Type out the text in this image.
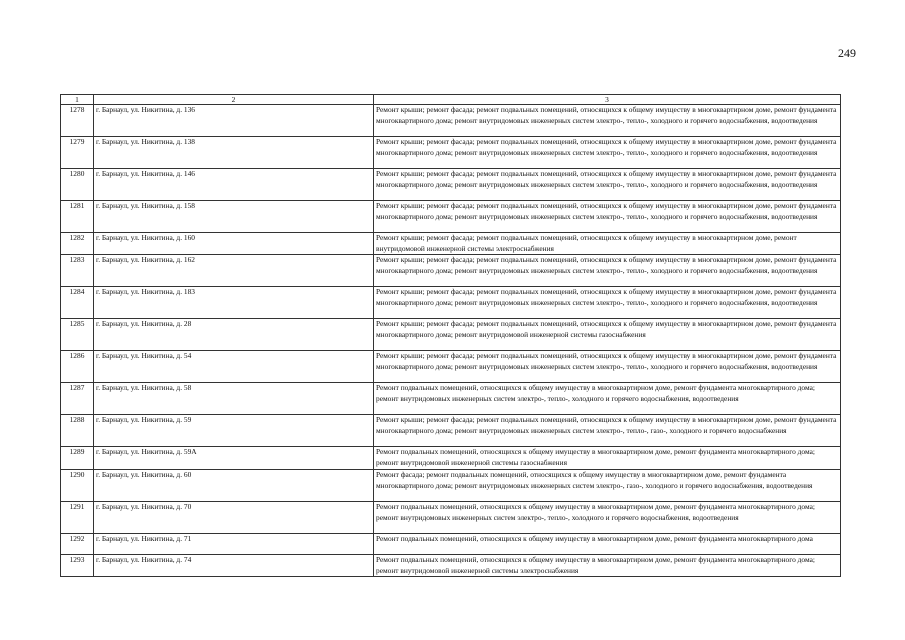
249
1	2	3
1278	г. Барнаул, ул. Никитина, д. 136	Ремонт крыши; ремонт фасада; ремонт подвальных помещений, относящихся к общему имуществу в многоквартирном доме, ремонт фундамента многоквартирного дома; ремонт внутридомовых инженерных систем электро-, тепло-, холодного и горячего водоснабжения, водоотведения
1279	г. Барнаул, ул. Никитина, д. 138	Ремонт крыши; ремонт фасада; ремонт подвальных помещений, относящихся к общему имуществу в многоквартирном доме, ремонт фундамента многоквартирного дома; ремонт внутридомовых инженерных систем электро-, тепло-, холодного и горячего водоснабжения, водоотведения
1280	г. Барнаул, ул. Никитина, д. 146	Ремонт крыши; ремонт фасада; ремонт подвальных помещений, относящихся к общему имуществу в многоквартирном доме, ремонт фундамента многоквартирного дома; ремонт внутридомовых инженерных систем электро-, тепло-, холодного и горячего водоснабжения, водоотведения
1281	г. Барнаул, ул. Никитина, д. 158	Ремонт крыши; ремонт фасада; ремонт подвальных помещений, относящихся к общему имуществу в многоквартирном доме, ремонт фундамента многоквартирного дома; ремонт внутридомовых инженерных систем электро-, тепло-, холодного и горячего водоснабжения, водоотведения
1282	г. Барнаул, ул. Никитина, д. 160	Ремонт крыши; ремонт фасада; ремонт подвальных помещений, относящихся к общему имуществу в многоквартирном доме, ремонт внутридомовой инженерной системы электроснабжения
1283	г. Барнаул, ул. Никитина, д. 162	Ремонт крыши; ремонт фасада; ремонт подвальных помещений, относящихся к общему имуществу в многоквартирном доме, ремонт фундамента многоквартирного дома; ремонт внутридомовых инженерных систем электро-, тепло-, холодного и горячего водоснабжения, водоотведения
1284	г. Барнаул, ул. Никитина, д. 183	Ремонт крыши; ремонт фасада; ремонт подвальных помещений, относящихся к общему имуществу в многоквартирном доме, ремонт фундамента многоквартирного дома; ремонт внутридомовых инженерных систем электро-, тепло-, холодного и горячего водоснабжения, водоотведения
1285	г. Барнаул, ул. Никитина, д. 28	Ремонт крыши; ремонт фасада; ремонт подвальных помещений, относящихся к общему имуществу в многоквартирном доме, ремонт фундамента многоквартирного дома; ремонт внутридомовой инженерной системы газоснабжения
1286	г. Барнаул, ул. Никитина, д. 54	Ремонт крыши; ремонт фасада; ремонт подвальных помещений, относящихся к общему имуществу в многоквартирном доме, ремонт фундамента многоквартирного дома; ремонт внутридомовых инженерных систем электро-, тепло-, холодного и горячего водоснабжения, водоотведения
1287	г. Барнаул, ул. Никитина, д. 58	Ремонт подвальных помещений, относящихся к общему имуществу в многоквартирном доме, ремонт фундамента многоквартирного дома; ремонт внутридомовых инженерных систем электро-, тепло-, холодного и горячего водоснабжения, водоотведения
1288	г. Барнаул, ул. Никитина, д. 59	Ремонт крыши; ремонт фасада; ремонт подвальных помещений, относящихся к общему имуществу в многоквартирном доме, ремонт фундамента многоквартирного дома; ремонт внутридомовых инженерных систем электро-, тепло-, газо-, холодного и горячего водоснабжения
1289	г. Барнаул, ул. Никитина, д. 59А	Ремонт подвальных помещений, относящихся к общему имуществу в многоквартирном доме, ремонт фундамента многоквартирного дома; ремонт внутридомовой инженерной системы газоснабжения
1290	г. Барнаул, ул. Никитина, д. 60	Ремонт фасада; ремонт подвальных помещений, относящихся к общему имуществу в многоквартирном доме, ремонт фундамента многоквартирного дома; ремонт внутридомовых инженерных систем электро-, газо-, холодного и горячего водоснабжения, водоотведения
1291	г. Барнаул, ул. Никитина, д. 70	Ремонт подвальных помещений, относящихся к общему имуществу в многоквартирном доме, ремонт фундамента многоквартирного дома; ремонт внутридомовых инженерных систем электро-, тепло-, холодного и горячего водоснабжения, водоотведения
1292	г. Барнаул, ул. Никитина, д. 71	Ремонт подвальных помещений, относящихся к общему имуществу в многоквартирном доме, ремонт фундамента многоквартирного дома
1293	г. Барнаул, ул. Никитина, д. 74	Ремонт подвальных помещений, относящихся к общему имуществу в многоквартирном доме, ремонт фундамента многоквартирного дома; ремонт внутридомовой инженерной системы электроснабжения
